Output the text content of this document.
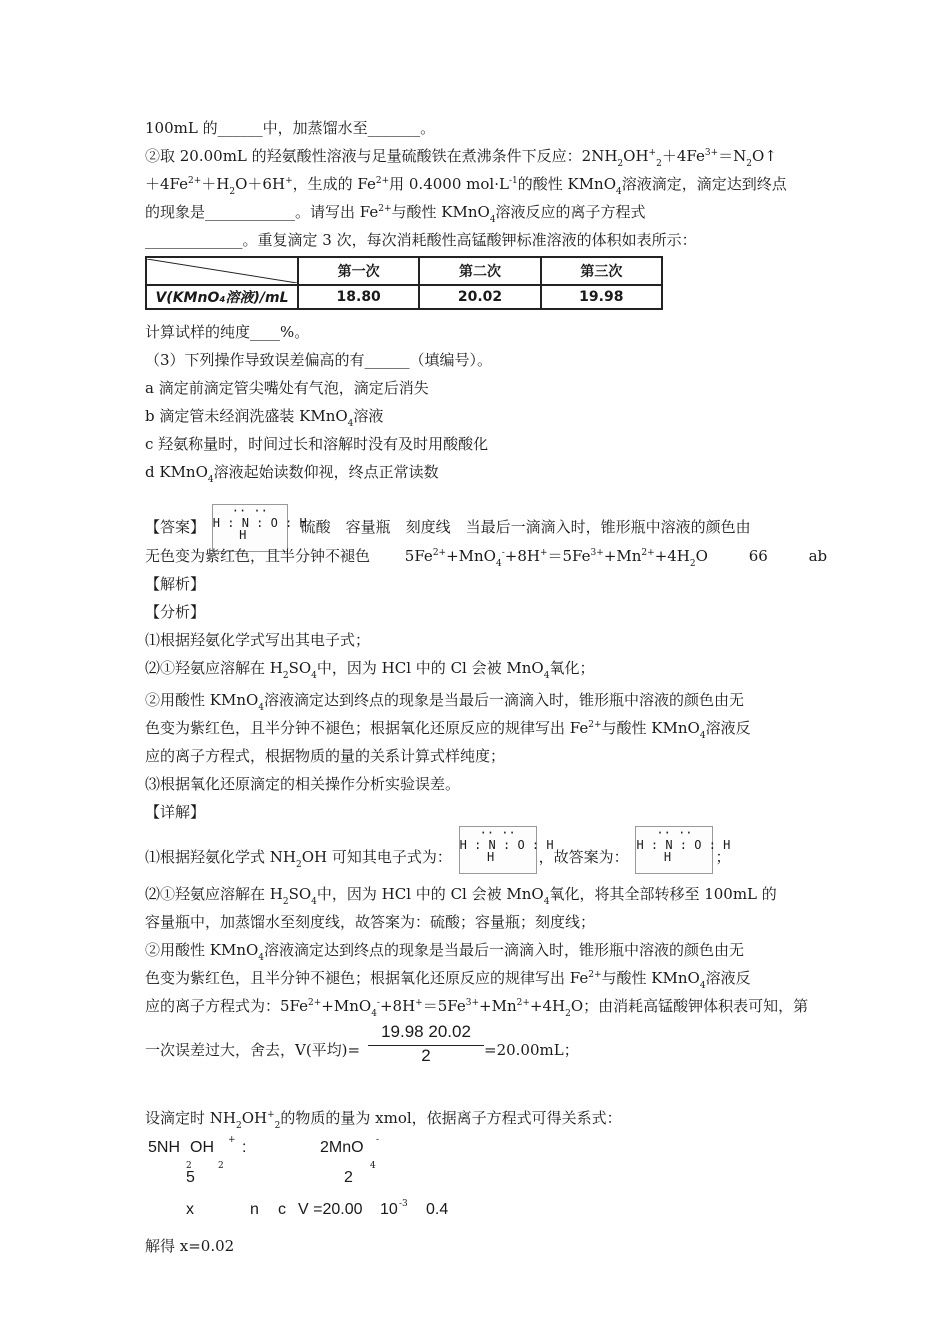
100mL 的______中，加蒸馏水至_______。
②取 20.00mL 的羟氨酸性溶液与足量硫酸铁在煮沸条件下反应：$2NH_2OH^+_2+4Fe^{3+}=N_2O↑$
$+4Fe^{2+}+H_2O+6H^+$，生成的 $Fe^{2+}$用 0.4000 $mol\cdot L^{-1}$的酸性 KMnO$_4$溶液滴定，滴定达到终点
的现象是____________。请写出 $Fe^{2+}$与酸性 KMnO$_4$溶液反应的离子方程式
_____________。重复滴定 3 次，每次消耗酸性高锰酸钾标准溶液的体积如表所示：
	第一次	第二次	第三次
V(KMnO₄溶液)/mL	18.80	20.02	19.98
计算试样的纯度____%。
（3）下列操作导致误差偏高的有______（填编号）。
a 滴定前滴定管尖嘴处有气泡，滴定后消失
b 滴定管未经润洗盛装 KMnO$_4$溶液
c 羟氨称量时，时间过长和溶解时没有及时用酸酸化
d KMnO$_4$溶液起始读数仰视，终点正常读数
【答案】
·· ··
H : N : O : H
H	硫酸　容量瓶　刻度线　当最后一滴滴入时，锥形瓶中溶液的颜色由
无色变为紫红色，且半分钟不褪色 $5Fe^{2+}+MnO_4^-+8H^+=5Fe^{3+}+Mn^{2+}+4H_2O$	66	ab
【解析】
【分析】
⑴根据羟氨化学式写出其电子式；
⑵①羟氨应溶解在 $H_2SO_4$中，因为 HCl 中的 Cl 会被 MnO$_4$氧化；
②用酸性 KMnO$_4$溶液滴定达到终点的现象是当最后一滴滴入时，锥形瓶中溶液的颜色由无
色变为紫红色，且半分钟不褪色；根据氧化还原反应的规律写出 $Fe^{2+}$与酸性 KMnO$_4$溶液反
应的离子方程式，根据物质的量的关系计算式样纯度；
⑶根据氧化还原滴定的相关操作分析实验误差。
【详解】
⑴根据羟氨化学式 $NH_2OH$ 可知其电子式为：
·· ··
H : N : O : H
H	，故答案为：
·· ··
H : N : O : H
H	；
⑵①羟氨应溶解在 $H_2SO_4$中，因为 HCl 中的 Cl 会被 MnO$_4$氧化，将其全部转移至 100mL 的
容量瓶中，加蒸馏水至刻度线，故答案为：硫酸；容量瓶；刻度线；
②用酸性 KMnO$_4$溶液滴定达到终点的现象是当最后一滴滴入时，锥形瓶中溶液的颜色由无
色变为紫红色，且半分钟不褪色；根据氧化还原反应的规律写出 $Fe^{2+}$与酸性 KMnO$_4$溶液反
应的离子方程式为：$5Fe^{2+}+MnO_4^-+8H^+=5Fe^{3+}+Mn^{2+}+4H_2O$；由消耗高锰酸钾体积表可知，第
一次误差过大，舍去，V(平均)=
19.98 20.02
2	=20.00mL；
设滴定时 $NH_2OH^+_2$的物质的量为 xmol，依据离子方程式可得关系式：
5NH OH + :	2MnO -
2	2	4
5	2
x	n c V =20.00 10 -3 0.4
解得 x=0.02
